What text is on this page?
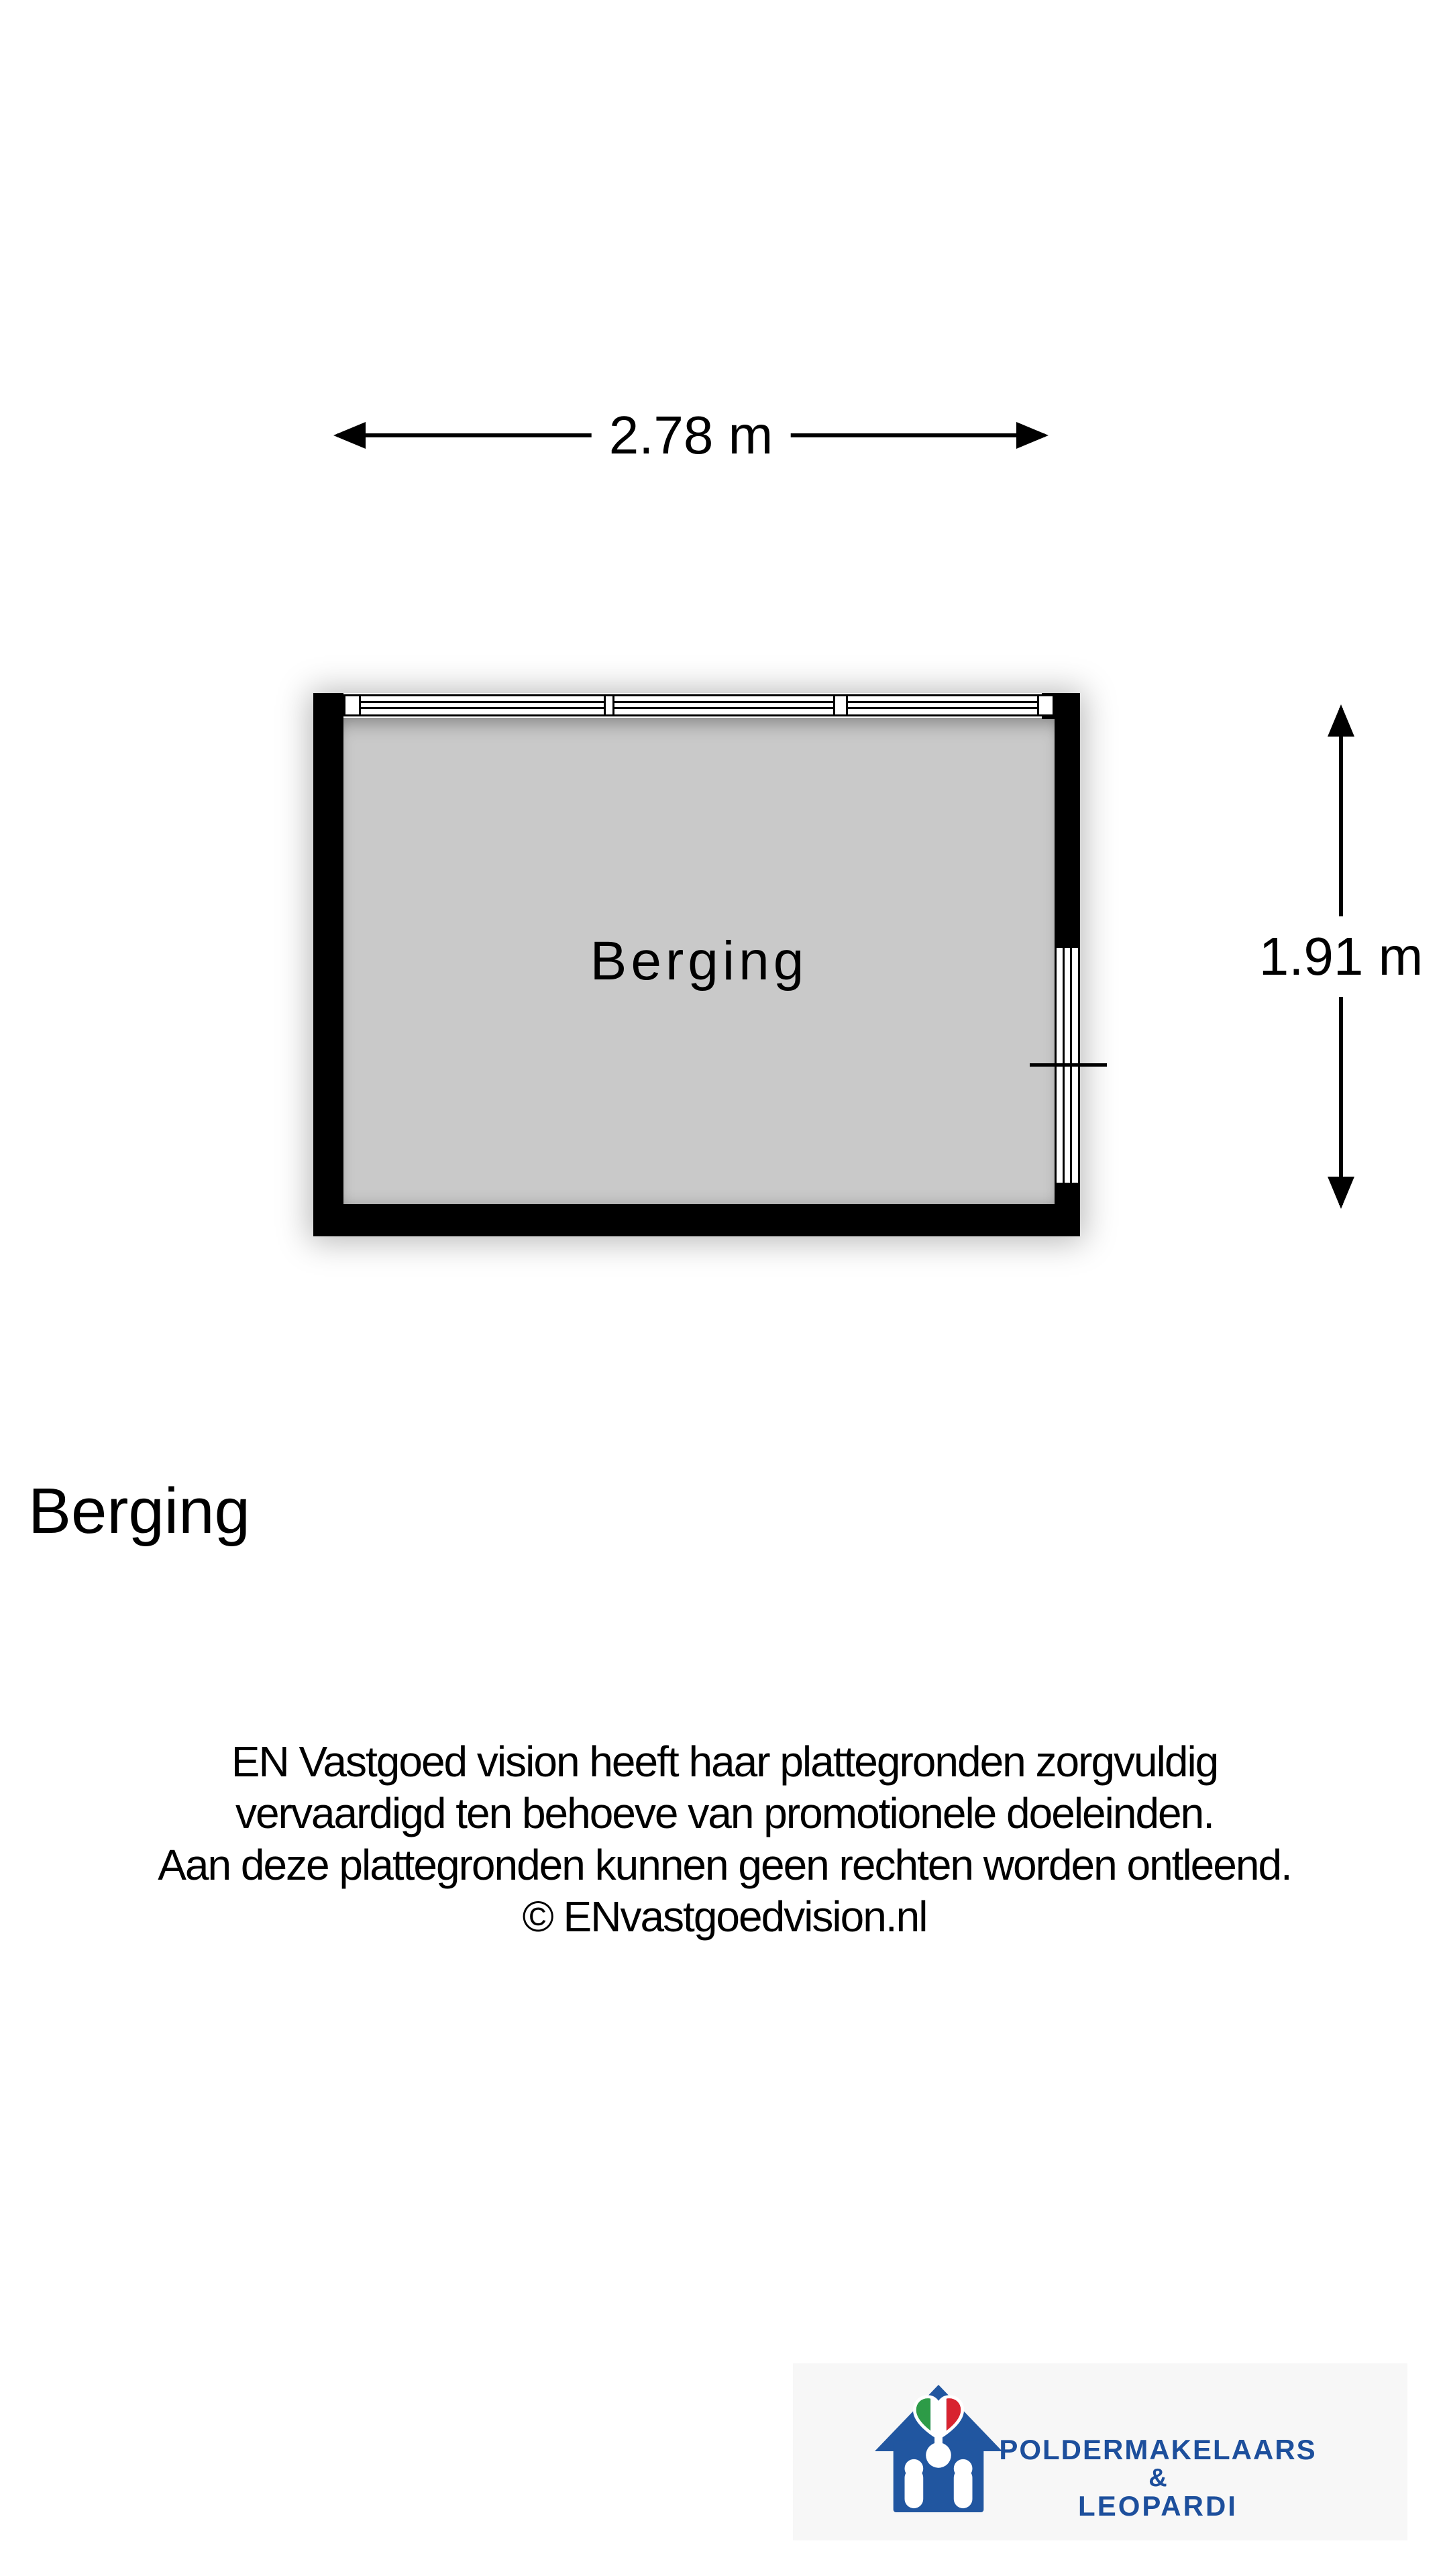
2.78 m
Berging	1.91 m
Berging
EN Vastgoed vision heeft haar plattegronden zorgvuldig
vervaardigd ten behoeve van promotionele doeleinden.
Aan deze plattegronden kunnen geen rechten worden ontleend.
© ENvastgoedvision.nl
POLDERMAKELAARS
&
LEOPARDI
